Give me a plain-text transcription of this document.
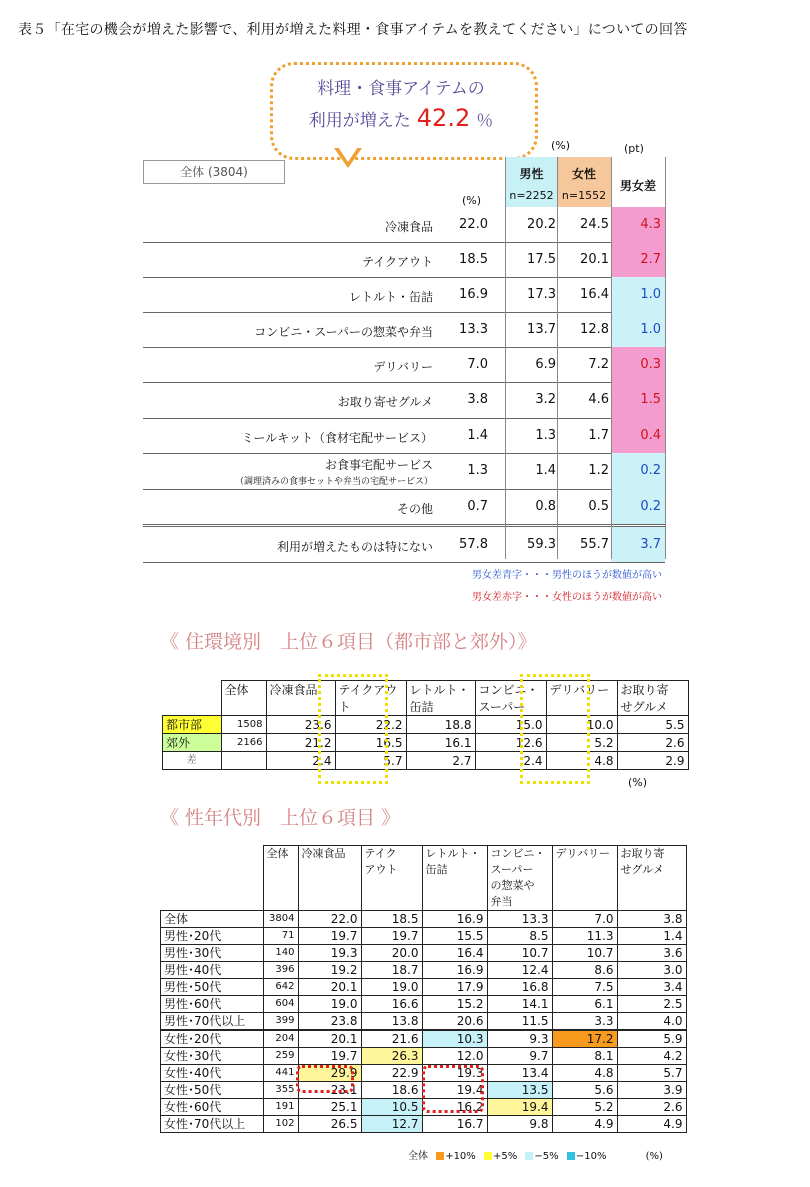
表５「在宅の機会が増えた影響で、利用が増えた料理・食事アイテムを教えてください」についての回答
料理・食事アイテムの
利用が増えた 42.2 ％
(%)	(pt)
全体 (3804)
(%)
男性
n=2252
女性
n=1552
男女差
冷凍食品	22.0	20.2	24.5 4.3
テイクアウト	18.5	17.5	20.1 2.7
レトルト・缶詰	16.9	17.3	16.4 1.0
コンビニ・スーパーの惣菜や弁当	13.3	13.7	12.8 1.0
デリバリー	7.0	6.9	7.2 0.3
お取り寄せグルメ	3.8	3.2	4.6 1.5
ミールキット（食材宅配サービス）	1.4	1.3	1.7 0.4
お食事宅配サービス
（調理済みの食事セットや弁当の宅配サービス）
1.3	1.4	1.2 0.2
その他	0.7	0.8	0.5 0.2
利用が増えたものは特にない	57.8	59.3	55.7 3.7
男女差青字・・・男性のほうが数値が高い
男女差赤字・・・女性のほうが数値が高い
《 住環境別　上位６項目（都市部と郊外）》
	全体	冷凍食品	テイクアウ	レトルト・	コンビニ・	デリバリー	お取り寄
			ト	缶詰	スーパー		せグルメ
都市部	1508	23.6	22.2	18.8	15.0	10.0	5.5
郊外	2166	21.2	16.5	16.1	12.6	5.2	2.6
差		2.4	5.7	2.7	2.4	4.8	2.9
(%)
《 性年代別　上位６項目 》
	全体	冷凍食品	テイク	レトルト・	コンビニ・	デリバリー	お取り寄
			アウト	缶詰	スーパー		せグルメ
					の惣菜や		
					弁当		
全体	3804	22.0	18.5	16.9	13.3	7.0	3.8
男性･20代	71	19.7	19.7	15.5	8.5	11.3	1.4
男性･30代	140	19.3	20.0	16.4	10.7	10.7	3.6
男性･40代	396	19.2	18.7	16.9	12.4	8.6	3.0
男性･50代	642	20.1	19.0	17.9	16.8	7.5	3.4
男性･60代	604	19.0	16.6	15.2	14.1	6.1	2.5
男性･70代以上	399	23.8	13.8	20.6	11.5	3.3	4.0
女性･20代	204	20.1	21.6	10.3	9.3	17.2	5.9
女性･30代	259	19.7	26.3	12.0	9.7	8.1	4.2
女性･40代	441	29.9	22.9	19.3	13.4	4.8	5.7
女性･50代	355	23.1	18.6	19.4	13.5	5.6	3.9
女性･60代	191	25.1	10.5	16.2	19.4	5.2	2.6
女性･70代以上	102	26.5	12.7	16.7	9.8	4.9	4.9
全体 +10% +5% −5% −10%	(%)
